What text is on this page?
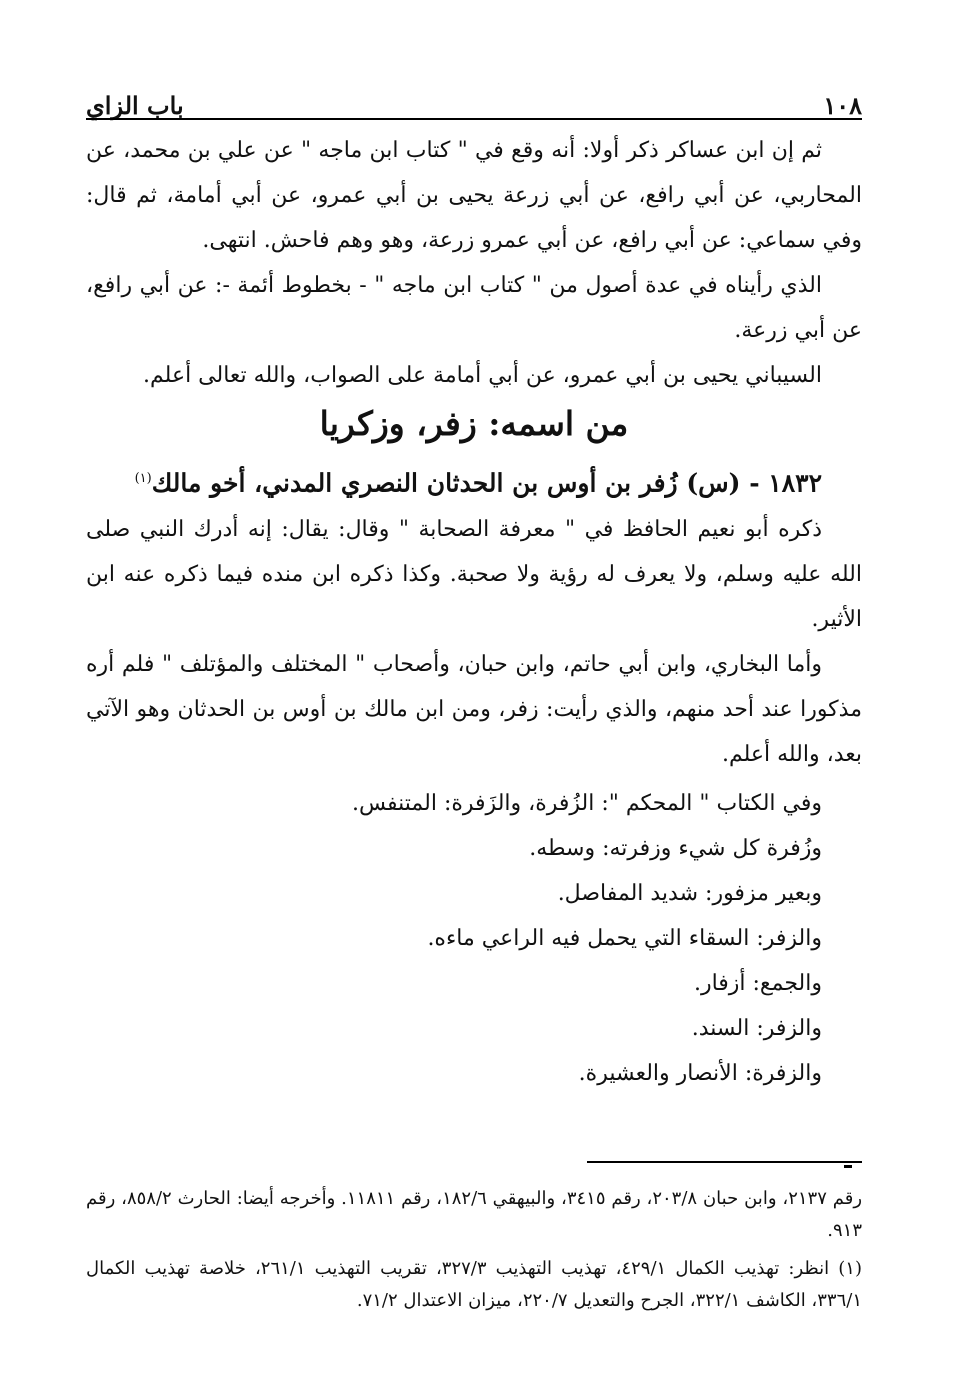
١٠٨
باب الزاي

ثم إن ابن عساكر ذكر أولا: أنه وقع في " كتاب ابن ماجه " عن علي بن محمد، عن المحاربي، عن أبي رافع، عن أبي زرعة يحيى بن أبي عمرو، عن أبي أمامة، ثم قال: وفي سماعي: عن أبي رافع، عن أبي عمرو زرعة، وهو وهم فاحش. انتهى.

الذي رأيناه في عدة أصول من " كتاب ابن ماجه " - بخطوط أئمة -: عن أبي رافع، عن أبي زرعة.

السيباني يحيى بن أبي عمرو، عن أبي أمامة على الصواب، والله تعالى أعلم.

من اسمه: زفر، وزكريا

١٨٣٢ - (س) زُفر بن أوس بن الحدثان النصري المدني، أخو مالك$^{(١)}$

ذكره أبو نعيم الحافظ في " معرفة الصحابة " وقال: يقال: إنه أدرك النبي صلى الله عليه وسلم، ولا يعرف له رؤية ولا صحبة. وكذا ذكره ابن منده فيما ذكره عنه ابن الأثير.

وأما البخاري، وابن أبي حاتم، وابن حبان، وأصحاب " المختلف والمؤتلف " فلم أره مذكورا عند أحد منهم، والذي رأيت: زفر، ومن ابن مالك بن أوس بن الحدثان وهو الآتي بعد، والله أعلم.

وفي الكتاب " المحكم ": الزُفرة، والزَفرة: المتنفس.

وزُفرة كل شيء وزفرته: وسطه.

وبعير مزفور: شديد المفاصل.

والزفر: السقاء التي يحمل فيه الراعي ماءه.

والجمع: أزفار.

والزفر: السند.

والزفرة: الأنصار والعشيرة.

رقم ٢١٣٧، وابن حبان ٢٠٣/٨، رقم ٣٤١٥، والبيهقي ١٨٢/٦، رقم ١١٨١١. وأخرجه أيضا: الحارث ٨٥٨/٢، رقم ٩١٣.

(١) انظر: تهذيب الكمال ٤٢٩/١، تهذيب التهذيب ٣٢٧/٣، تقريب التهذيب ٢٦١/١، خلاصة تهذيب الكمال ٣٣٦/١، الكاشف ٣٢٢/١، الجرح والتعديل ٢٢٠/٧، ميزان الاعتدال ٧١/٢.
